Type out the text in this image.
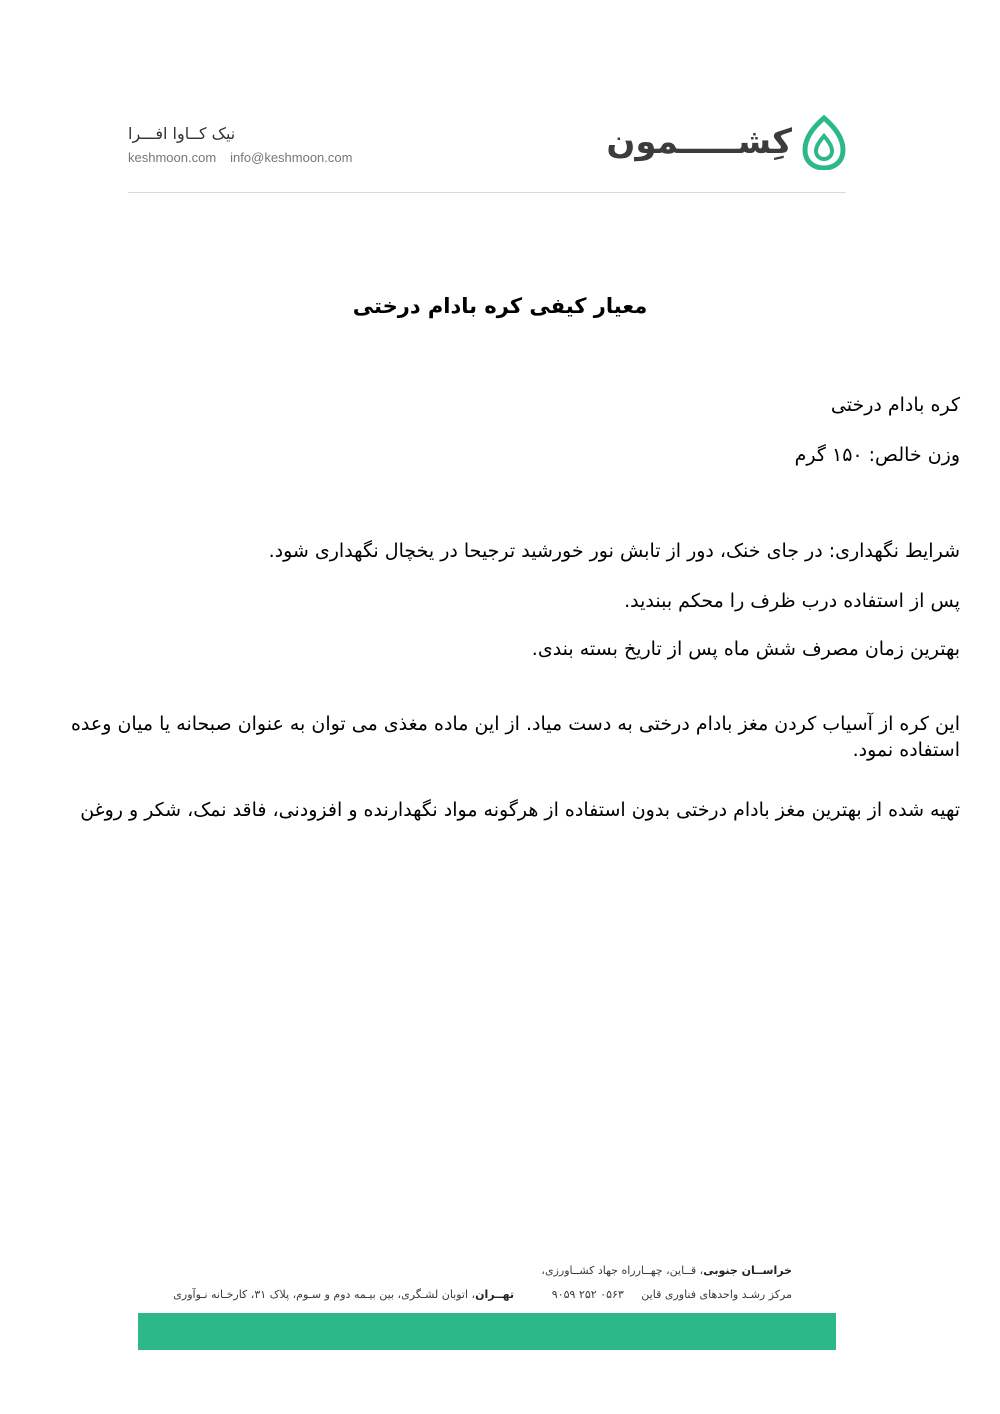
کِشـــــمون
نیک کــاوا افـــرا
keshmoon.com info@keshmoon.com
معیار کیفی کره بادام درختی

کره بادام درختی

وزن خالص: ۱۵۰ گرم

شرایط نگهداری: در جای خنک، دور از تابش نور خورشید ترجیحا در یخچال نگهداری شود.

پس از استفاده درب ظرف را محکم ببندید.

بهترین زمان مصرف شش ماه پس از تاریخ بسته بندی.

این کره از آسیاب کردن مغز بادام درختی به دست میاد. از این ماده مغذی می توان به عنوان صبحانه یا میان وعده استفاده نمود.

تهیه شده از بهترین مغز بادام درختی بدون استفاده از هرگونه مواد نگهدارنده و افزودنی، فاقد نمک، شکر و روغن

خراســان جنوبی، قــاین، چهــارراه جهاد کشــاورزی،
مرکز رشـد واحدهای فناوری قاین     ۰۵۶۳ ۲۵۲ ۹۰۵۹
تهــران، اتوبان لشـگری، بین بیـمه دوم و سـوم، پلاک ۳۱، کارخـانه نـوآوری
